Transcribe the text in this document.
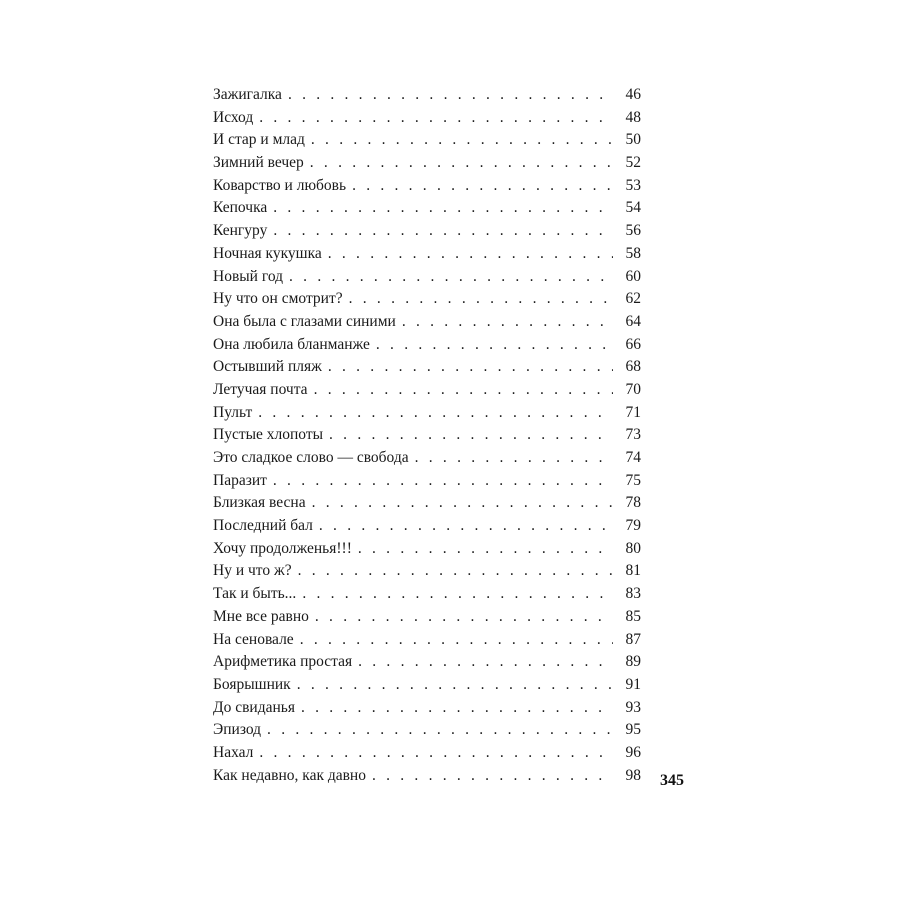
Зажигалка . . .	46
Исход . . .	48
И стар и млад . . .	50
Зимний вечер . . .	52
Коварство и любовь . . .	53
Кепочка . . .	54
Кенгуру . . .	56
Ночная кукушка . . .	58
Новый год . . .	60
Ну что он смотрит? . . .	62
Она была с глазами синими . . .	64
Она любила бланманже . . .	66
Остывший пляж . . .	68
Летучая почта . . .	70
Пульт . . .	71
Пустые хлопоты . . .	73
Это сладкое слово — свобода . . .	74
Паразит . . .	75
Близкая весна . . .	78
Последний бал . . .	79
Хочу продолженья!!! . . .	80
Ну и что ж? . . .	81
Так и быть... . . .	83
Мне все равно . . .	85
На сеновале . . .	87
Арифметика простая . . .	89
Боярышник . . .	91
До свиданья . . .	93
Эпизод . . .	95
Нахал . . .	96
Как недавно, как давно . . .	98 345
